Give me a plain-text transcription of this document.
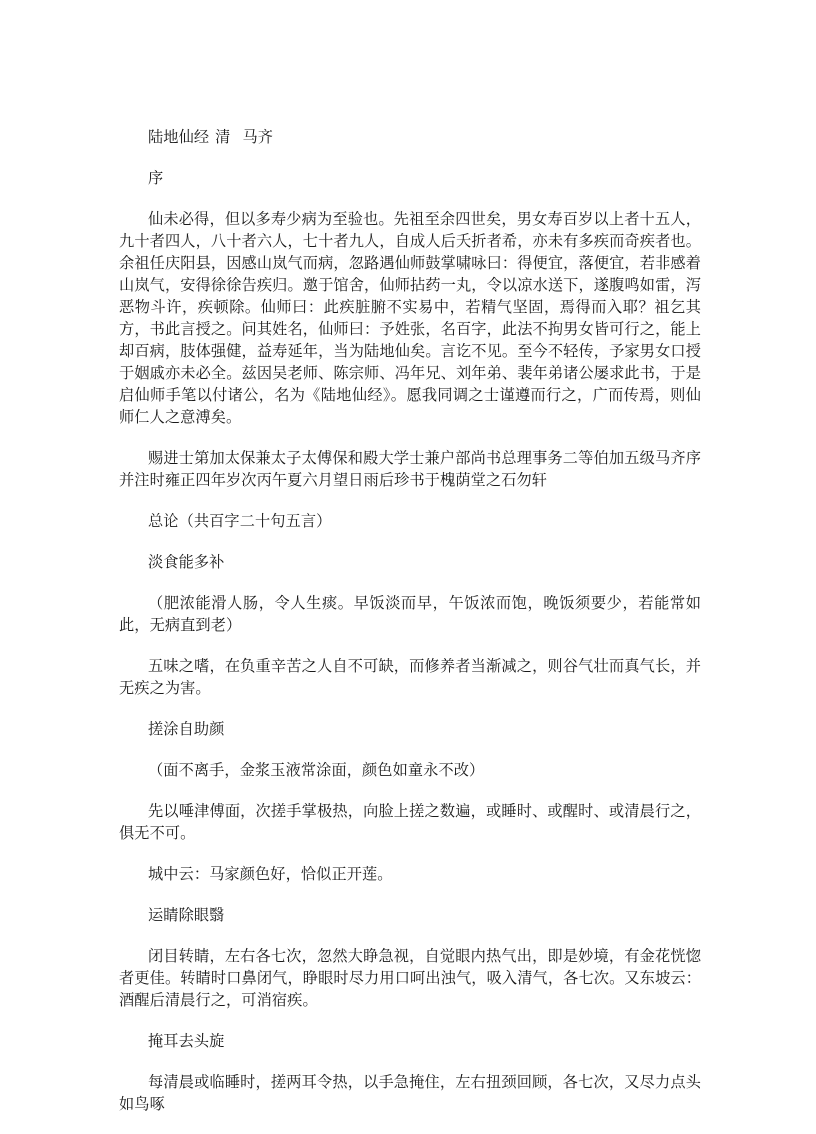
陆地仙经 清 马齐

序

仙未必得，但以多寿少病为至验也。先祖至余四世矣，男女寿百岁以上者十五人，九十者四人，八十者六人，七十者九人，自成人后夭折者希，亦未有多疾而奇疾者也。余祖任庆阳县，因感山岚气而病，忽路遇仙师鼓掌啸咏曰：得便宜，落便宜，若非感着山岚气，安得徐徐告疾归。邀于馆舍，仙师拈药一丸，令以凉水送下，遂腹鸣如雷，泻恶物斗许，疾顿除。仙师曰：此疾脏腑不实易中，若精气坚固，焉得而入耶？祖乞其方，书此言授之。问其姓名，仙师曰：予姓张，名百字，此法不拘男女皆可行之，能上却百病，肢体强健，益寿延年，当为陆地仙矣。言讫不见。至今不轻传，予家男女口授于姻戚亦未必全。兹因吴老师、陈宗师、冯年兄、刘年弟、裴年弟诸公屡求此书，于是启仙师手笔以付诸公，名为《陆地仙经》。愿我同调之士谨遵而行之，广而传焉，则仙师仁人之意溥矣。

赐进士第加太保兼太子太傅保和殿大学士兼户部尚书总理事务二等伯加五级马齐序并注时雍正四年岁次丙午夏六月望日雨后珍书于槐荫堂之石勿轩

总论（共百字二十句五言）

淡食能多补

（肥浓能滑人肠，令人生痰。早饭淡而早，午饭浓而饱，晚饭须要少，若能常如此，无病直到老）

五味之嗜，在负重辛苦之人自不可缺，而修养者当渐减之，则谷气壮而真气长，并无疾之为害。

搓涂自助颜

（面不离手，金浆玉液常涂面，颜色如童永不改）

先以唾津傅面，次搓手掌极热，向脸上搓之数遍，或睡时、或醒时、或清晨行之，俱无不可。

城中云：马家颜色好，恰似正开莲。

运睛除眼翳

闭目转睛，左右各七次，忽然大睁急视，自觉眼内热气出，即是妙境，有金花恍惚者更佳。转睛时口鼻闭气，睁眼时尽力用口呵出浊气，吸入清气，各七次。又东坡云：酒醒后清晨行之，可消宿疾。

掩耳去头旋

每清晨或临睡时，搓两耳令热，以手急掩住，左右扭颈回顾，各七次，又尽力点头如鸟啄
